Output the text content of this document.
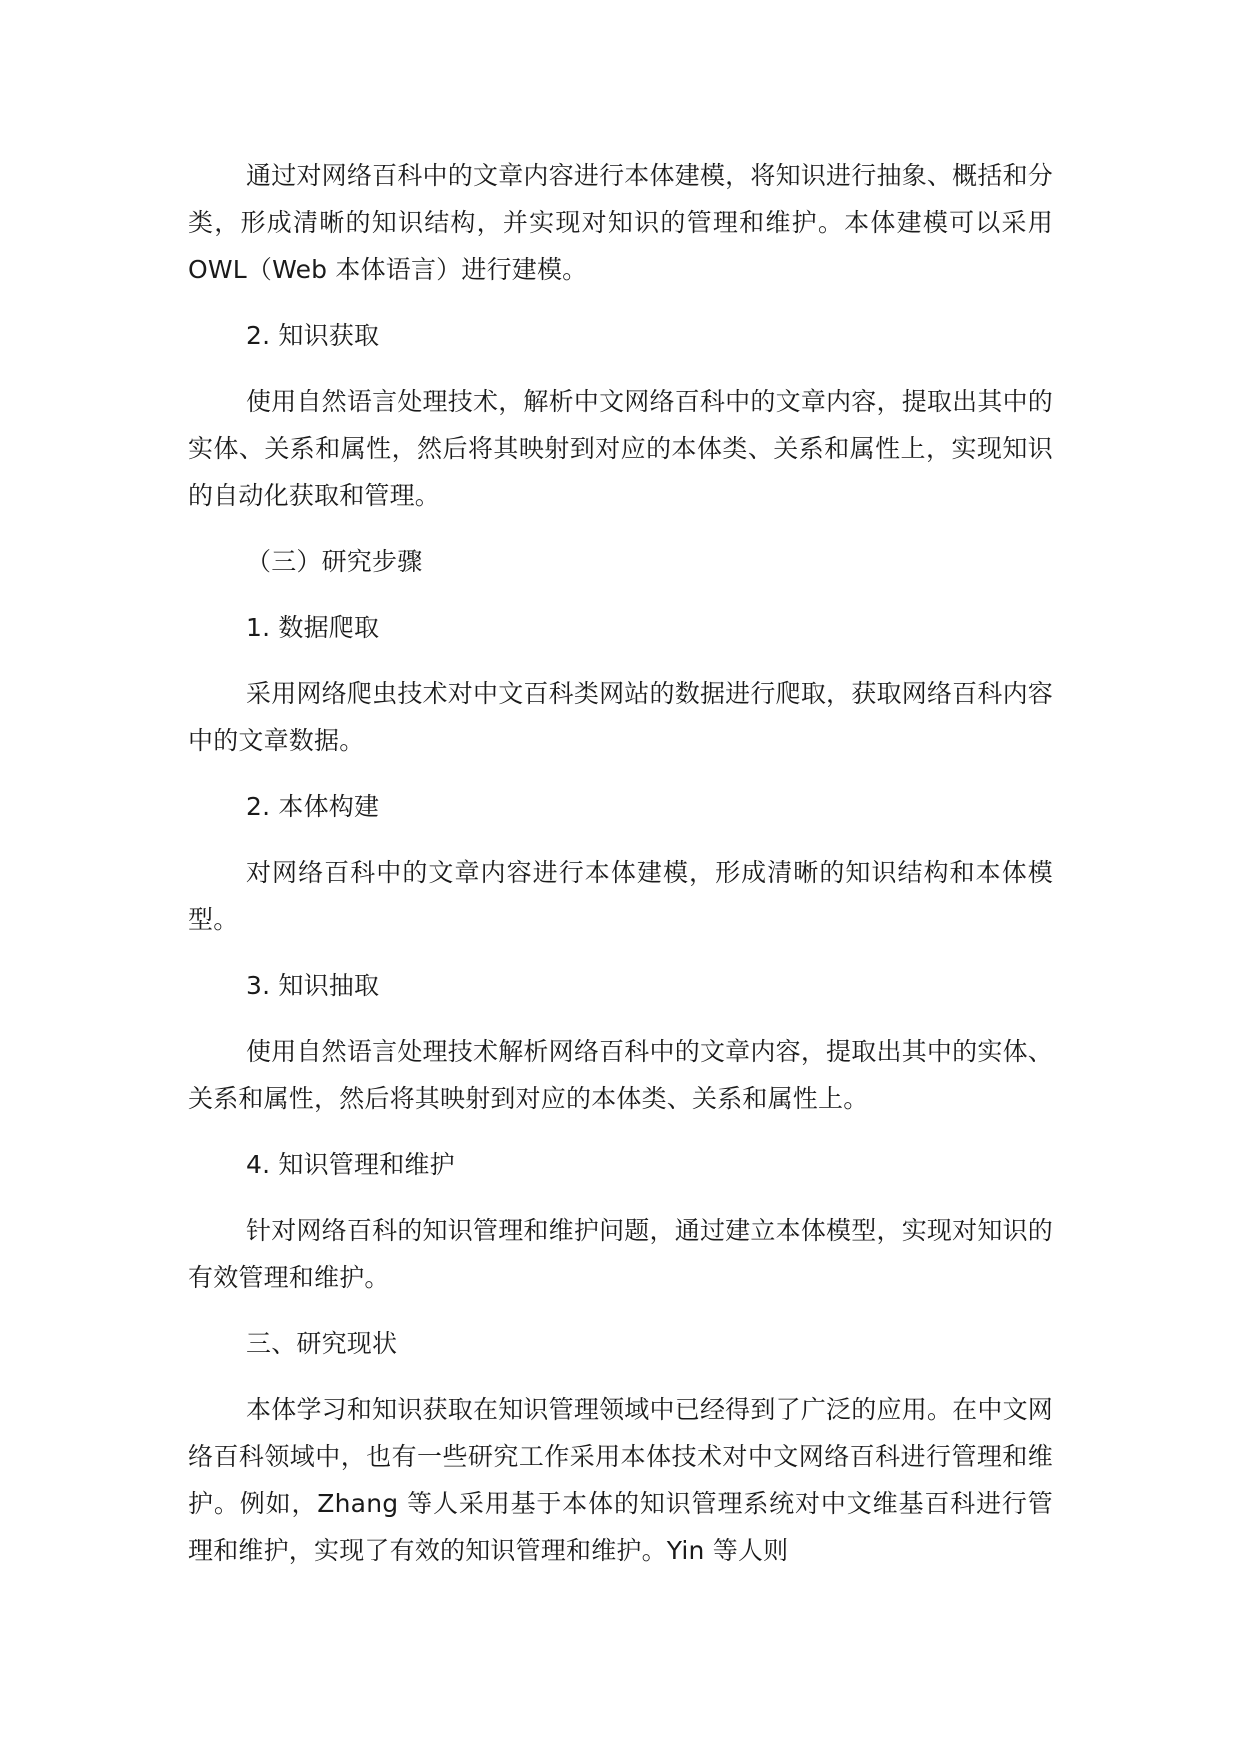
通过对网络百科中的文章内容进行本体建模，将知识进行抽象、概括和分类，形成清晰的知识结构，并实现对知识的管理和维护。本体建模可以采用 OWL（Web 本体语言）进行建模。

2. 知识获取

使用自然语言处理技术，解析中文网络百科中的文章内容，提取出其中的实体、关系和属性，然后将其映射到对应的本体类、关系和属性上，实现知识的自动化获取和管理。

（三）研究步骤

1. 数据爬取

采用网络爬虫技术对中文百科类网站的数据进行爬取，获取网络百科内容中的文章数据。

2. 本体构建

对网络百科中的文章内容进行本体建模，形成清晰的知识结构和本体模型。

3. 知识抽取

使用自然语言处理技术解析网络百科中的文章内容，提取出其中的实体、关系和属性，然后将其映射到对应的本体类、关系和属性上。

4. 知识管理和维护

针对网络百科的知识管理和维护问题，通过建立本体模型，实现对知识的有效管理和维护。

三、研究现状

本体学习和知识获取在知识管理领域中已经得到了广泛的应用。在中文网络百科领域中，也有一些研究工作采用本体技术对中文网络百科进行管理和维护。例如，Zhang 等人采用基于本体的知识管理系统对中文维基百科进行管理和维护，实现了有效的知识管理和维护。Yin 等人则
